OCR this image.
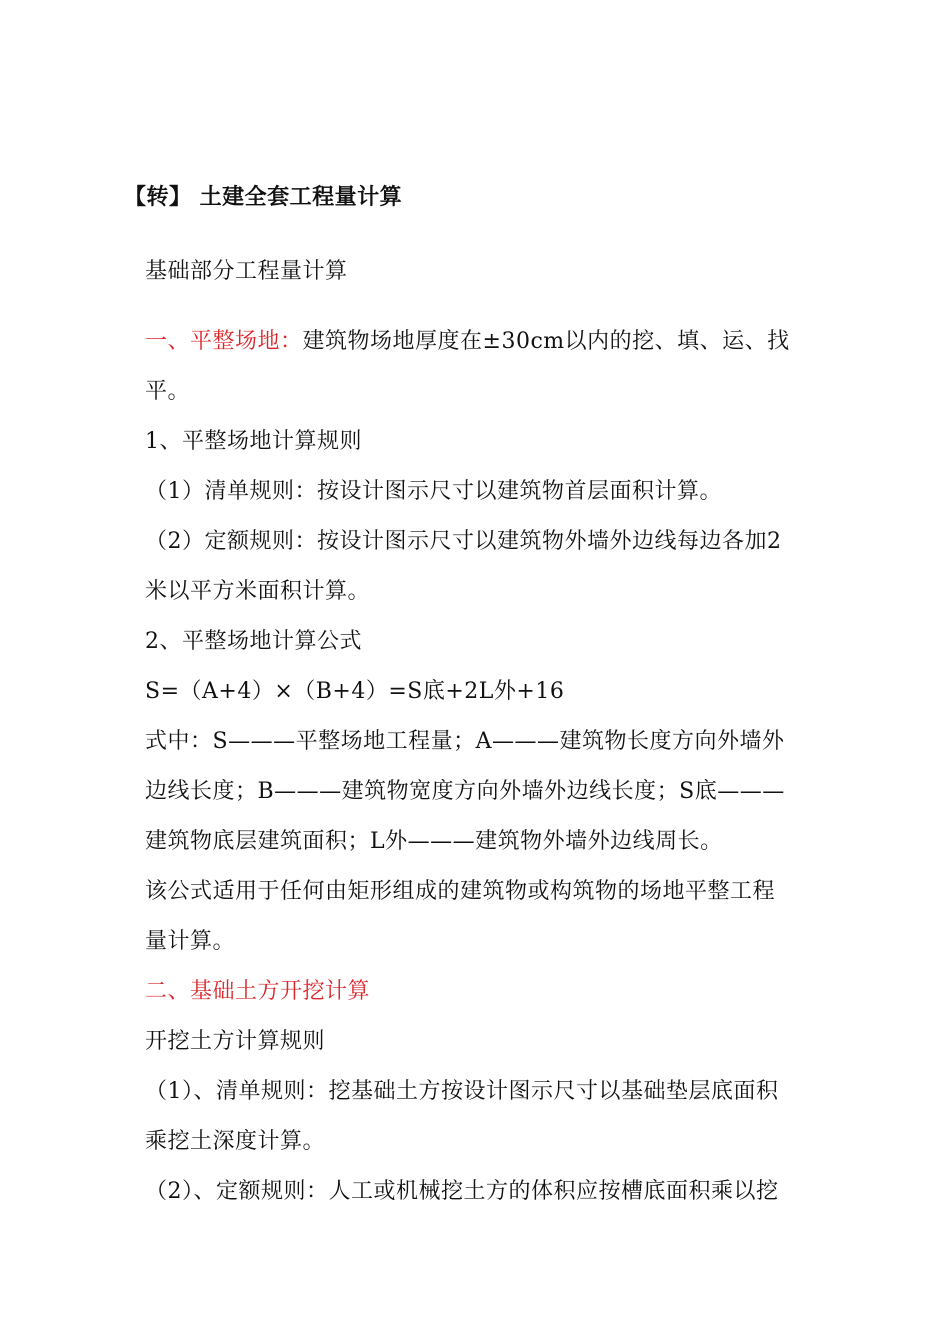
【转】 土建全套工程量计算
基础部分工程量计算
一、平整场地：建筑物场地厚度在±30cm以内的挖、填、运、找
平。
1、平整场地计算规则
（1）清单规则：按设计图示尺寸以建筑物首层面积计算。
（2）定额规则：按设计图示尺寸以建筑物外墙外边线每边各加2
米以平方米面积计算。
2、平整场地计算公式
S=（A+4）×（B+4）=S底+2L外+16
式中：S———平整场地工程量；A———建筑物长度方向外墙外
边线长度；B———建筑物宽度方向外墙外边线长度；S底———
建筑物底层建筑面积；L外———建筑物外墙外边线周长。
该公式适用于任何由矩形组成的建筑物或构筑物的场地平整工程
量计算。
二、基础土方开挖计算
开挖土方计算规则
（1）、清单规则：挖基础土方按设计图示尺寸以基础垫层底面积
乘挖土深度计算。
（2）、定额规则：人工或机械挖土方的体积应按槽底面积乘以挖
